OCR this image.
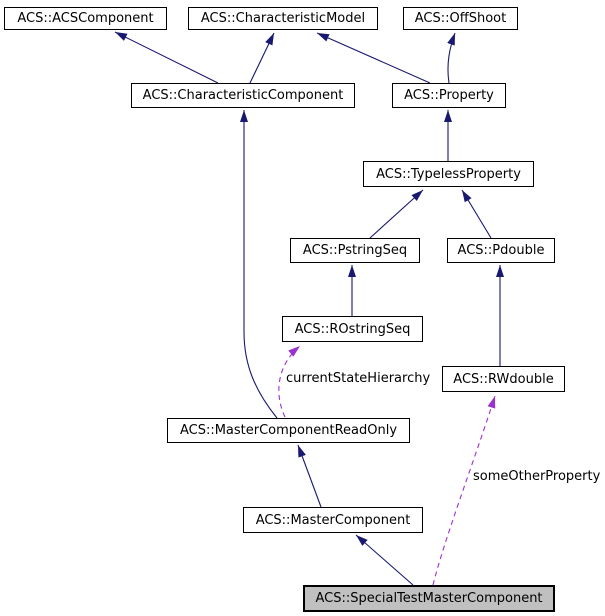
ACS::ACSComponent	ACS::CharacteristicModel	ACS::OffShoot
ACS::CharacteristicComponent	ACS::Property
ACS::TypelessProperty
ACS::PstringSeq	ACS::Pdouble
ACS::ROstringSeq
ACS::RWdouble
ACS::MasterComponentReadOnly
ACS::MasterComponent
ACS::SpecialTestMasterComponent
currentStateHierarchy
someOtherProperty
